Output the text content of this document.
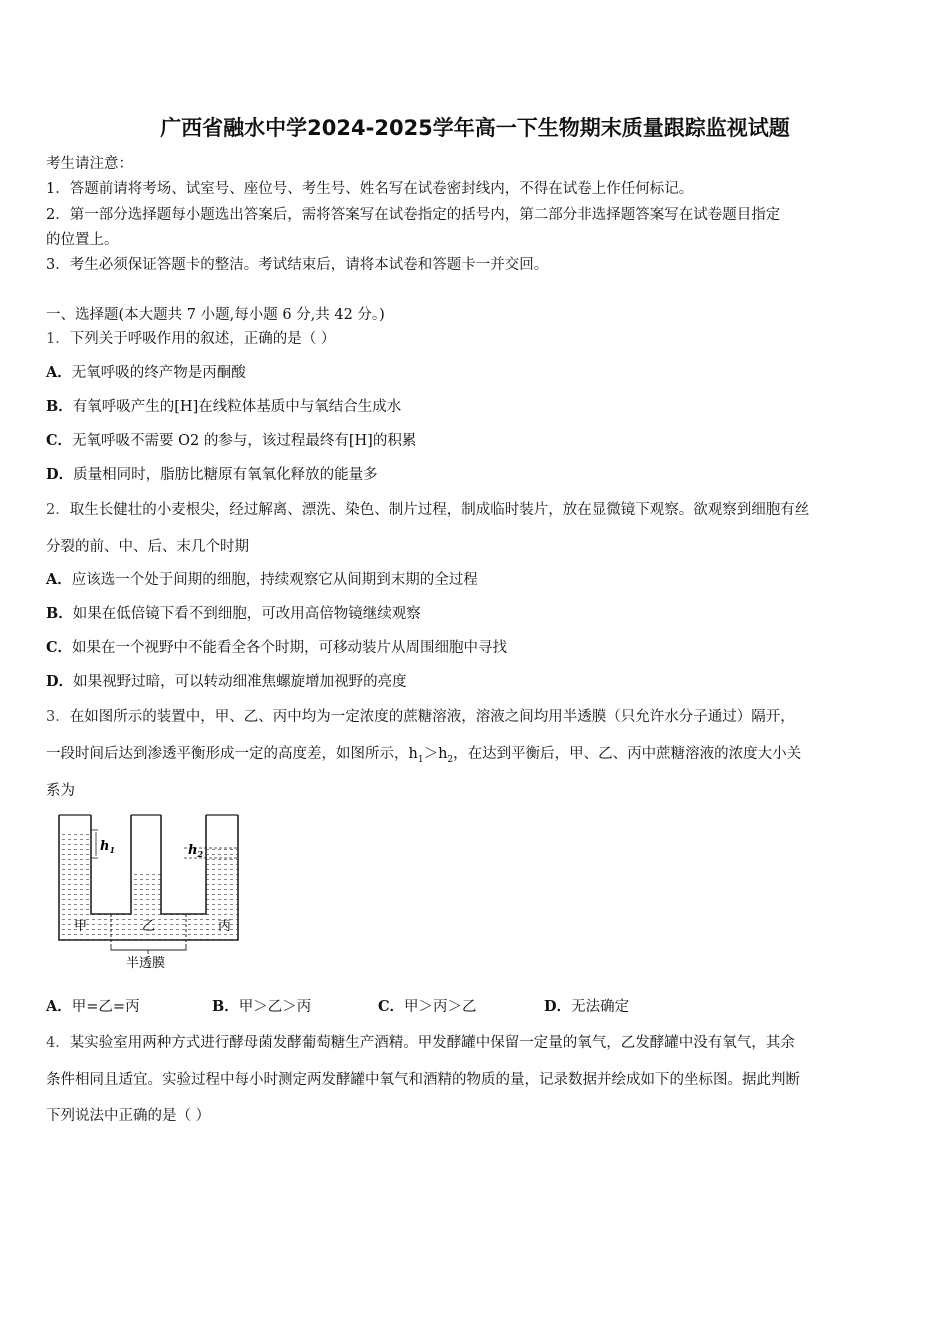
广西省融水中学2024-2025学年高一下生物期末质量跟踪监视试题
考生请注意：
1．答题前请将考场、试室号、座位号、考生号、姓名写在试卷密封线内，不得在试卷上作任何标记。
2．第一部分选择题每小题选出答案后，需将答案写在试卷指定的括号内，第二部分非选择题答案写在试卷题目指定
的位置上。
3．考生必须保证答题卡的整洁。考试结束后，请将本试卷和答题卡一并交回。
一、选择题(本大题共 7 小题,每小题 6 分,共 42 分。)
1．下列关于呼吸作用的叙述，正确的是（ ）
A．无氧呼吸的终产物是丙酮酸
B．有氧呼吸产生的[H]在线粒体基质中与氧结合生成水
C．无氧呼吸不需要 O2 的参与，该过程最终有[H]的积累
D．质量相同时，脂肪比糖原有氧氧化释放的能量多
2．取生长健壮的小麦根尖，经过解离、漂洗、染色、制片过程，制成临时装片，放在显微镜下观察。欲观察到细胞有丝
分裂的前、中、后、末几个时期
A．应该选一个处于间期的细胞，持续观察它从间期到末期的全过程
B．如果在低倍镜下看不到细胞，可改用高倍物镜继续观察
C．如果在一个视野中不能看全各个时期，可移动装片从周围细胞中寻找
D．如果视野过暗，可以转动细准焦螺旋增加视野的亮度
3．在如图所示的装置中，甲、乙、丙中均为一定浓度的蔗糖溶液，溶液之间均用半透膜（只允许水分子通过）隔开，
一段时间后达到渗透平衡形成一定的高度差，如图所示，$h_1>h_2$，在达到平衡后，甲、乙、丙中蔗糖溶液的浓度大小关
系为
$h_1$	$h_2$
甲	乙	丙
半透膜
A．甲=乙=丙	B．甲＞乙＞丙	C．甲＞丙＞乙	D．无法确定
4．某实验室用两种方式进行酵母菌发酵葡萄糖生产酒精。甲发酵罐中保留一定量的氧气，乙发酵罐中没有氧气，其余
条件相同且适宜。实验过程中每小时测定两发酵罐中氧气和酒精的物质的量，记录数据并绘成如下的坐标图。据此判断
下列说法中正确的是（ ）
